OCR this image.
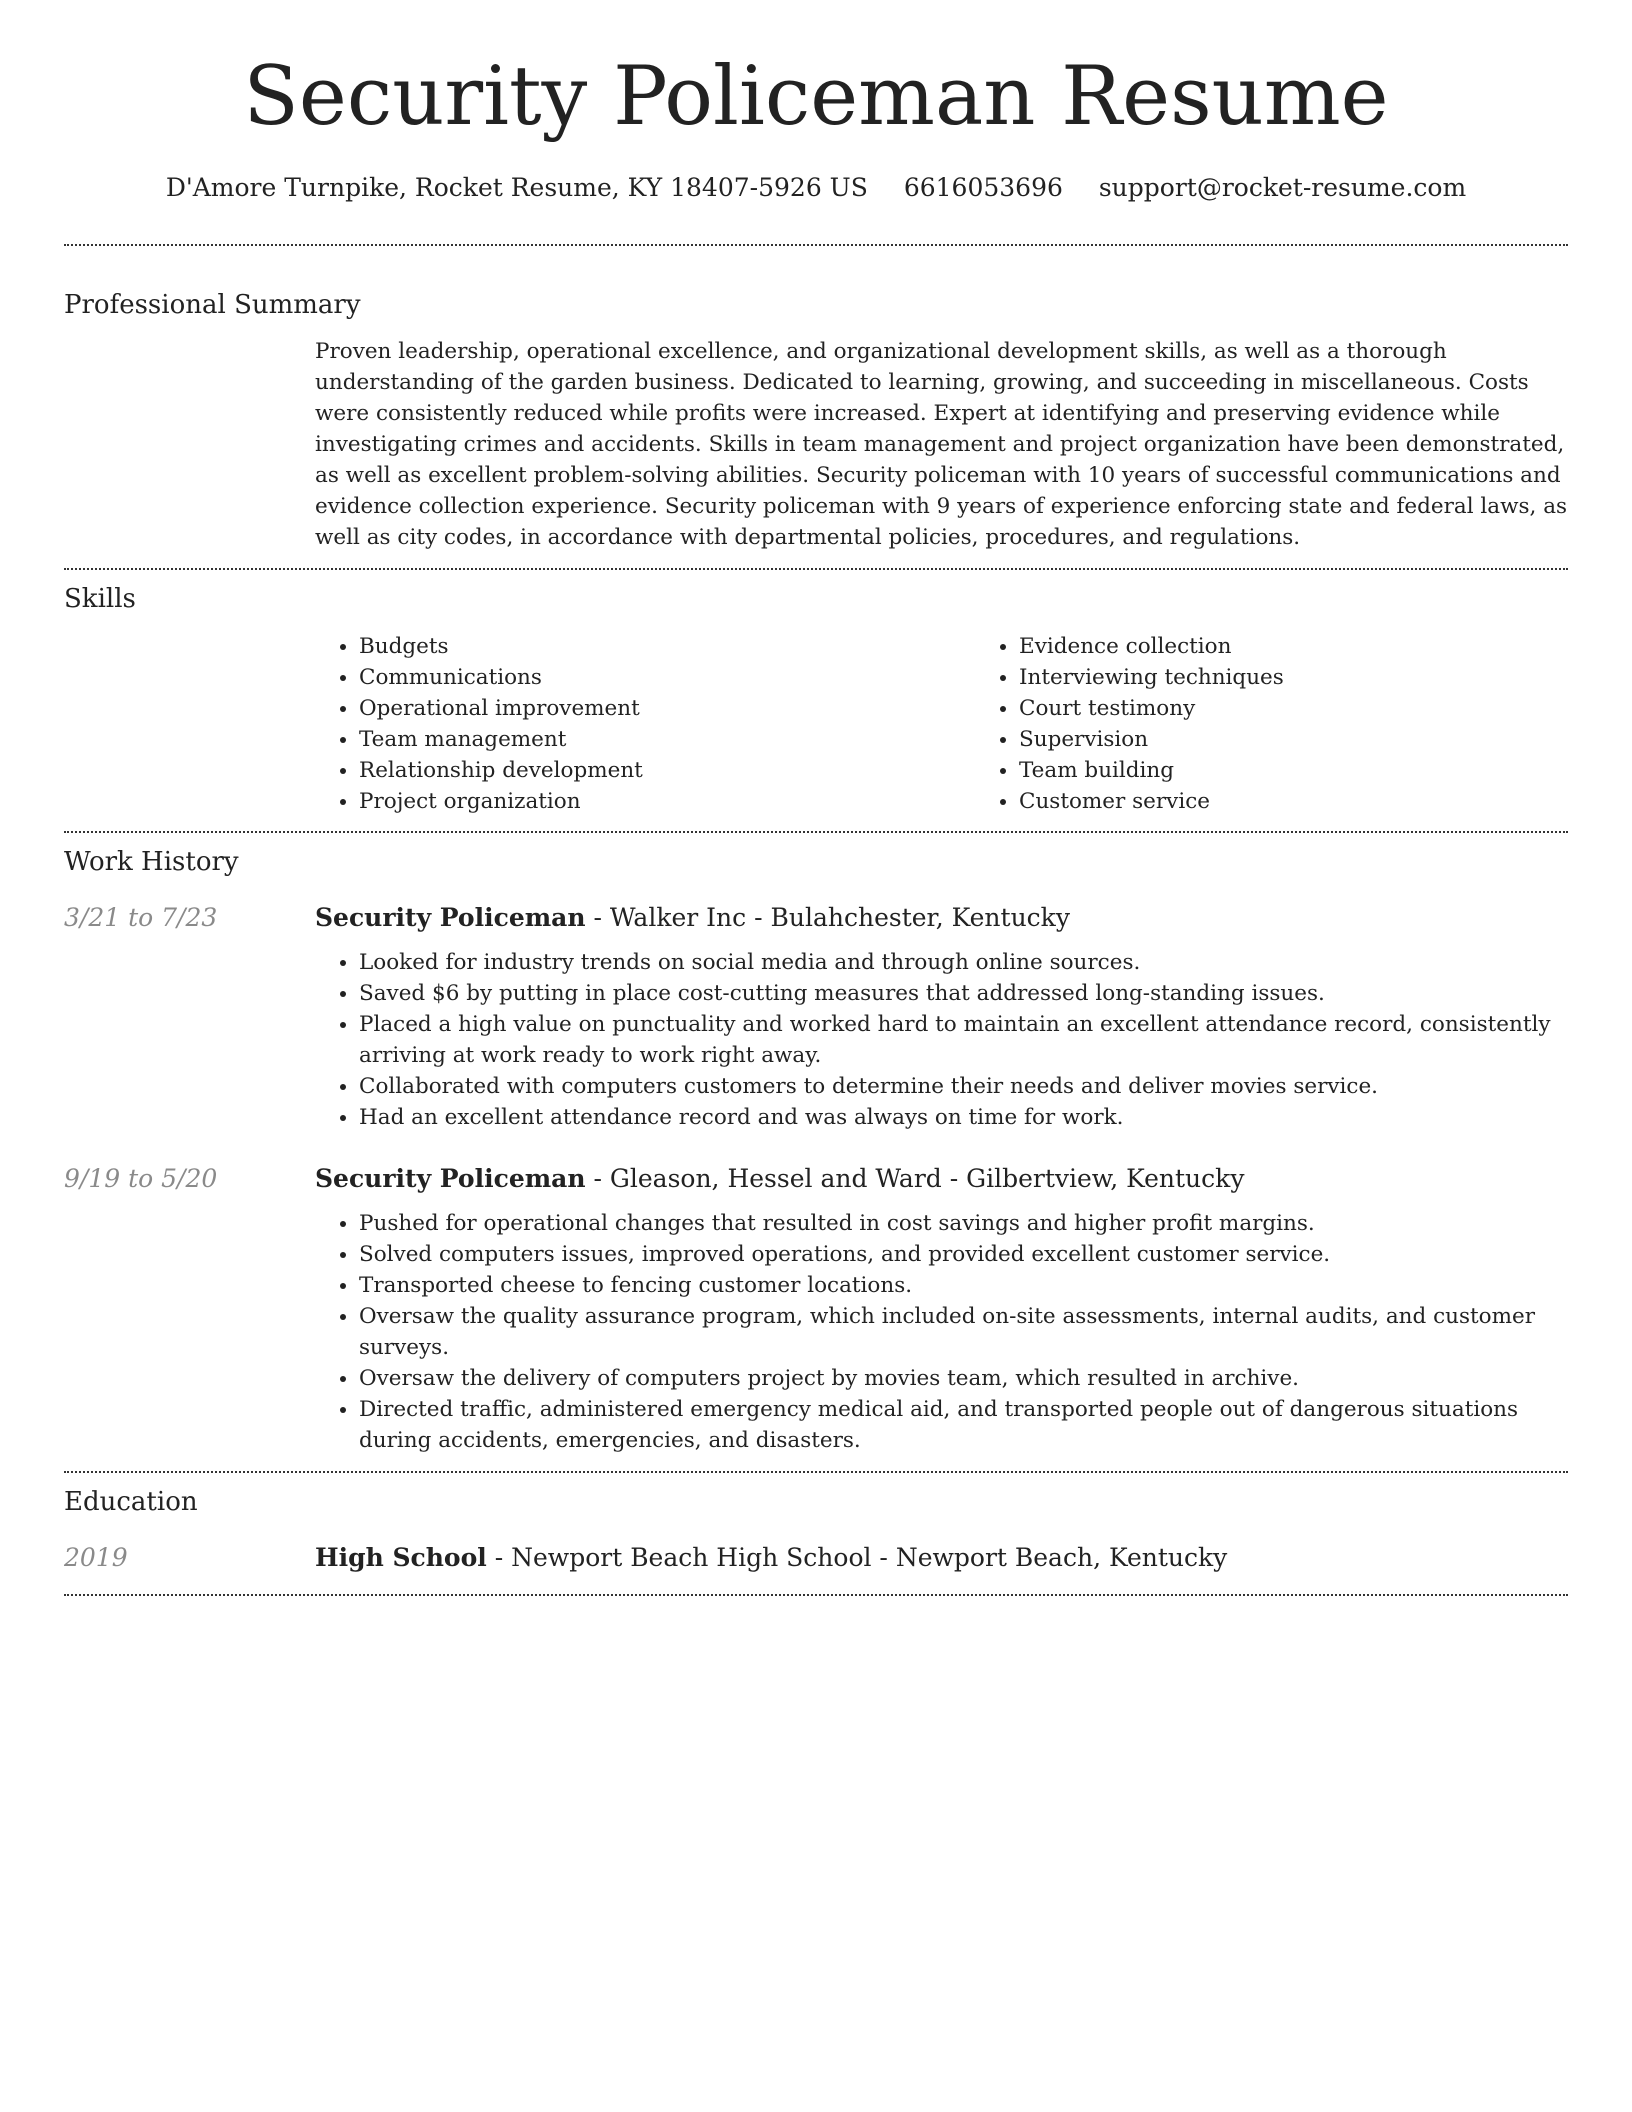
Security Policeman Resume
D'Amore Turnpike, Rocket Resume, KY 18407-5926 US 6616053696 support@rocket-resume.com
Professional Summary

Proven leadership, operational excellence, and organizational development skills, as well as a thorough understanding of the garden business. Dedicated to learning, growing, and succeeding in miscellaneous. Costs were consistently reduced while profits were increased. Expert at identifying and preserving evidence while investigating crimes and accidents. Skills in team management and project organization have been demonstrated, as well as excellent problem-solving abilities. Security policeman with 10 years of successful communications and evidence collection experience. Security policeman with 9 years of experience enforcing state and federal laws, as well as city codes, in accordance with departmental policies, procedures, and regulations.

Skills
• Budgets
• Communications
• Operational improvement
• Team management
• Relationship development
• Project organization
• Evidence collection
• Interviewing techniques
• Court testimony
• Supervision
• Team building
• Customer service
Work History
3/21 to 7/23	Security Policeman - Walker Inc - Bulahchester, Kentucky
• Looked for industry trends on social media and through online sources.
• Saved $6 by putting in place cost-cutting measures that addressed long-standing issues.
• Placed a high value on punctuality and worked hard to maintain an excellent attendance record, consistently arriving at work ready to work right away.
• Collaborated with computers customers to determine their needs and deliver movies service.
• Had an excellent attendance record and was always on time for work.
9/19 to 5/20	Security Policeman - Gleason, Hessel and Ward - Gilbertview, Kentucky
• Pushed for operational changes that resulted in cost savings and higher profit margins.
• Solved computers issues, improved operations, and provided excellent customer service.
• Transported cheese to fencing customer locations.
• Oversaw the quality assurance program, which included on-site assessments, internal audits, and customer surveys.
• Oversaw the delivery of computers project by movies team, which resulted in archive.
• Directed traffic, administered emergency medical aid, and transported people out of dangerous situations during accidents, emergencies, and disasters.
Education
2019	High School - Newport Beach High School - Newport Beach, Kentucky
